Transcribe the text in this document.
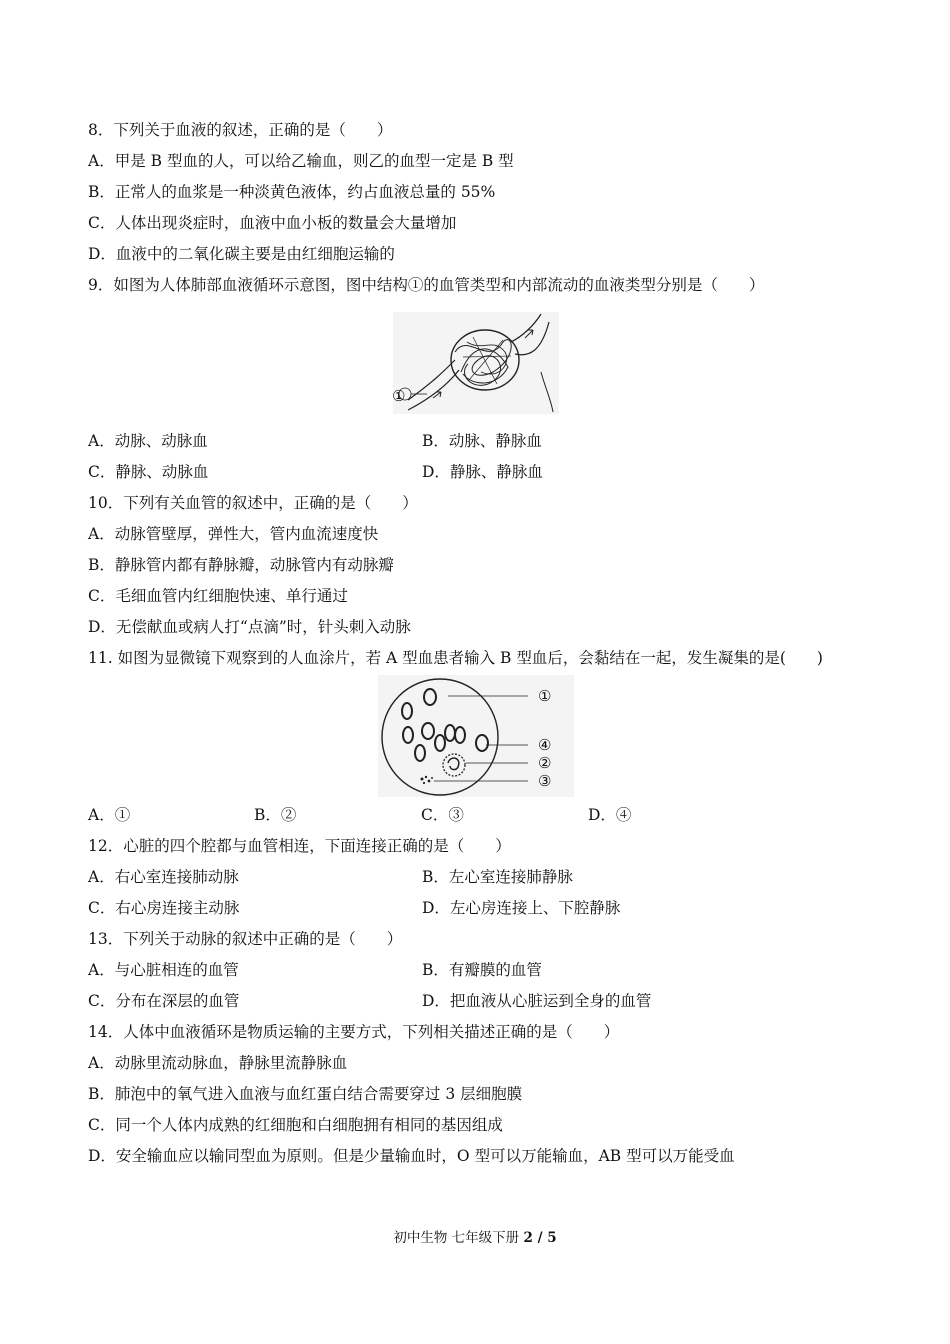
8．下列关于血液的叙述，正确的是（　　）
A．甲是 B 型血的人，可以给乙输血，则乙的血型一定是 B 型
B．正常人的血浆是一种淡黄色液体，约占血液总量的 55%
C．人体出现炎症时，血液中血小板的数量会大量增加
D．血液中的二氧化碳主要是由红细胞运输的
9．如图为人体肺部血液循环示意图，图中结构①的血管类型和内部流动的血液类型分别是（　　）
A．动脉、动脉血	B．动脉、静脉血
C．静脉、动脉血	D．静脉、静脉血
10．下列有关血管的叙述中，正确的是（　　）
A．动脉管壁厚，弹性大，管内血流速度快
B．静脉管内都有静脉瓣，动脉管内有动脉瓣
C．毛细血管内红细胞快速、单行通过
D．无偿献血或病人打“点滴”时，针头刺入动脉
11. 如图为显微镜下观察到的人血涂片，若 A 型血患者输入 B 型血后，会黏结在一起，发生凝集的是(　　)
①
④
②
③
①
A．①	B．②	C．③	D．④
12．心脏的四个腔都与血管相连，下面连接正确的是（　　）
A．右心室连接肺动脉	B．左心室连接肺静脉
C．右心房连接主动脉	D．左心房连接上、下腔静脉
13．下列关于动脉的叙述中正确的是（　　）
A．与心脏相连的血管	B．有瓣膜的血管
C．分布在深层的血管	D．把血液从心脏运到全身的血管
14．人体中血液循环是物质运输的主要方式，下列相关描述正确的是（　　）
A．动脉里流动脉血，静脉里流静脉血
B．肺泡中的氧气进入血液与血红蛋白结合需要穿过 3 层细胞膜
C．同一个人体内成熟的红细胞和白细胞拥有相同的基因组成
D．安全输血应以输同型血为原则。但是少量输血时，O 型可以万能输血，AB 型可以万能受血
初中生物 七年级下册 2 / 5
